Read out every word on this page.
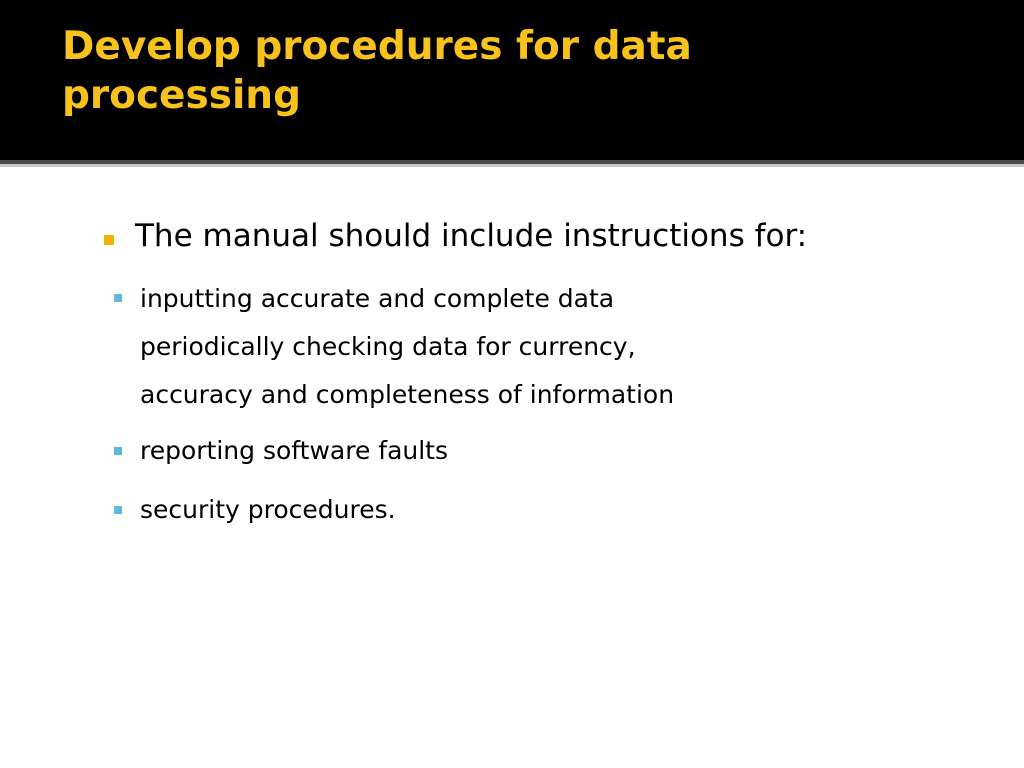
Develop procedures for data
processing
The manual should include instructions for:
inputting accurate and complete data
periodically checking data for currency,
accuracy and completeness of information
reporting software faults
security procedures.
